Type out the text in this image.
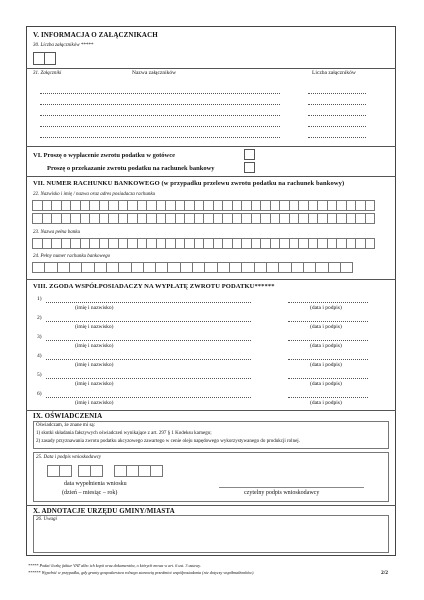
V. INFORMACJA O ZAŁĄCZNIKACH
30. Liczba załączników *****
31. Załączniki	Nazwa załączników	Liczba załączników
VI. Proszę o wypłacenie zwrotu podatku w gotówce
Proszę o przekazanie zwrotu podatku na rachunek bankowy
VII. NUMER RACHUNKU BANKOWEGO (w przypadku przelewu zwrotu podatku na rachunek bankowy)
22. Nazwisko i imię / nazwa oraz adres posiadacza rachunku
23. Nazwa pełna banku
24. Pełny numer rachunku bankowego
VIII. ZGODA WSPÓŁPOSIADACZY NA WYPŁATĘ ZWROTU PODATKU******
1)
(imię i nazwisko)	(data i podpis)
2)
(imię i nazwisko)	(data i podpis)
3)
(imię i nazwisko)	(data i podpis)
4)
(imię i nazwisko)	(data i podpis)
5)
(imię i nazwisko)	(data i podpis)
6)
(imię i nazwisko)	(data i podpis)
IX. OŚWIADCZENIA
Oświadczam, że znane mi są:
1) skutki składania fałszywych oświadczeń wynikające z art. 297 § 1 Kodeksu karnego;
2) zasady przyznawania zwrotu podatku akcyzowego zawartego w cenie oleju napędowego wykorzystywanego do produkcji rolnej.
25. Data i podpis wnioskodawcy
data wypełnienia wniosku
(dzień – miesiąc – rok)	czytelny podpis wnioskodawcy
X. ADNOTACJE URZĘDU GMINY/MIASTA
26. Uwagi
***** Podać liczbę faktur VAT albo ich kopii oraz dokumentów, o których mowa w art. 6 ust. 3 ustawy.
****** Wypełnić w przypadku, gdy grunty gospodarstwa rolnego stanowią przedmiot współposiadania (nie dotyczy współmałżonków).	2/2
